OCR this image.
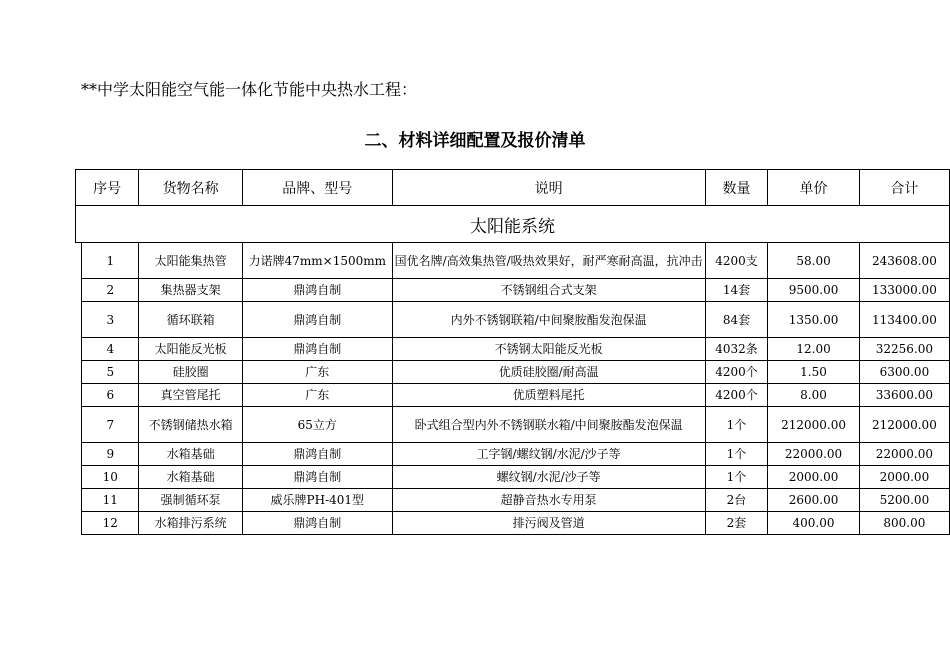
**中学太阳能空气能一体化节能中央热水工程：
二、材料详细配置及报价清单
序号		货物名称	品牌、型号	说明	数量	单价	合计
太阳能系统							
	1	太阳能集热管	力诺牌47mm×1500mm	国优名牌/高效集热管/吸热效果好，耐严寒耐高温，抗冲击	4200支	58.00	243608.00
	2	集热器支架	鼎鸿自制	不锈钢组合式支架	14套	9500.00	133000.00
	3	循环联箱	鼎鸿自制	内外不锈钢联箱/中间聚胺酯发泡保温	84套	1350.00	113400.00
	4	太阳能反光板	鼎鸿自制	不锈钢太阳能反光板	4032条	12.00	32256.00
	5	硅胶圈	广东	优质硅胶圈/耐高温	4200个	1.50	6300.00
	6	真空管尾托	广东	优质塑料尾托	4200个	8.00	33600.00
	7	不锈钢储热水箱	65立方	卧式组合型内外不锈钢联水箱/中间聚胺酯发泡保温	1个	212000.00	212000.00
	9	水箱基础	鼎鸿自制	工字钢/螺纹钢/水泥/沙子等	1个	22000.00	22000.00
	10	水箱基础	鼎鸿自制	螺纹钢/水泥/沙子等	1个	2000.00	2000.00
	11	强制循环泵	威乐牌PH-401型	超静音热水专用泵	2台	2600.00	5200.00
	12	水箱排污系统	鼎鸿自制	排污阀及管道	2套	400.00	800.00
